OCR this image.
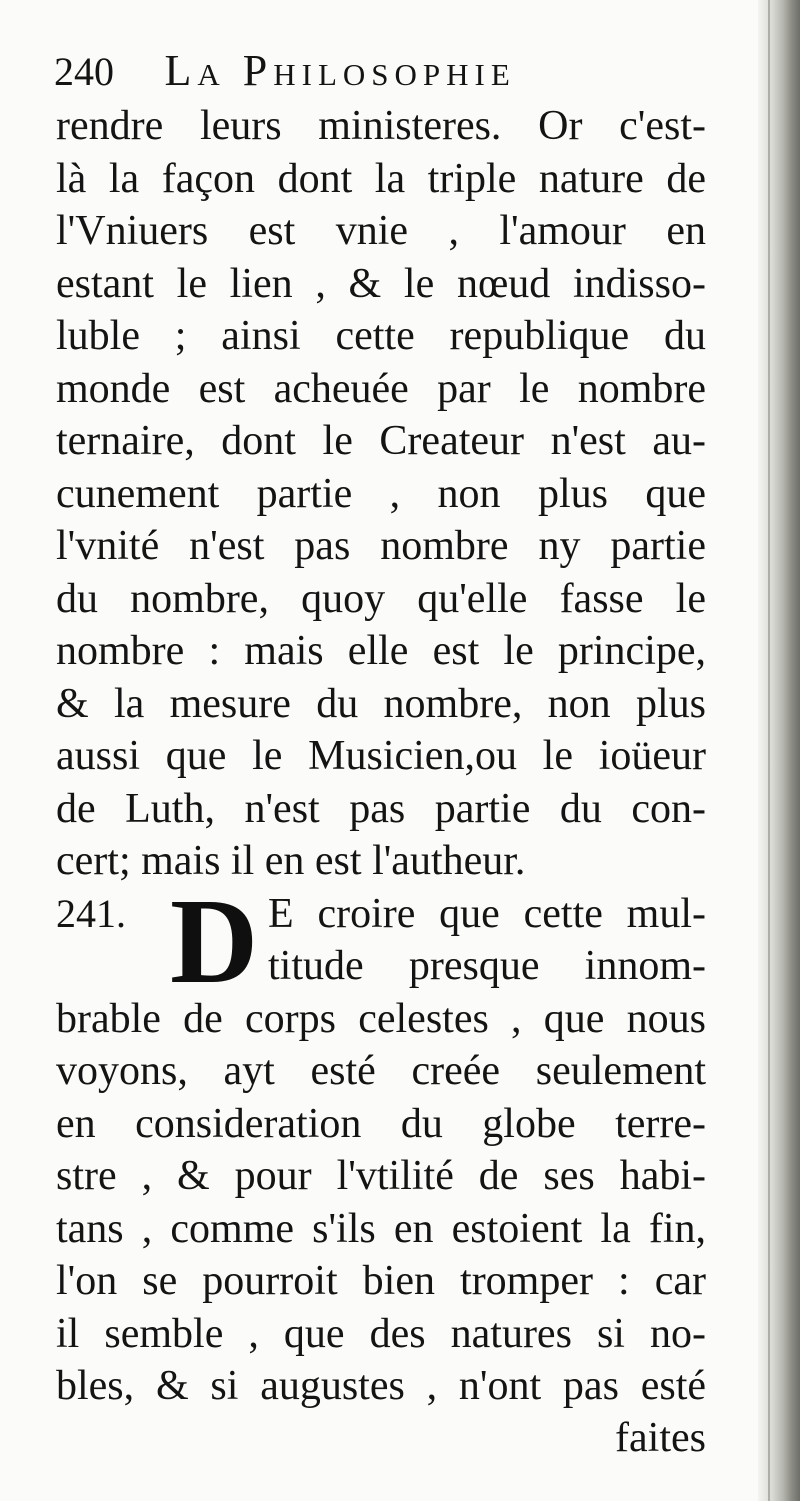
240 La Philosophie
rendre leurs ministeres. Or c'est-
là la façon dont la triple nature de
l'Vniuers est vnie , l'amour en
estant le lien , & le nœud indisso-
luble ; ainsi cette republique du
monde est acheuée par le nombre
ternaire, dont le Createur n'est au-
cunement partie , non plus que
l'vnité n'est pas nombre ny partie
du nombre, quoy qu'elle fasse le
nombre : mais elle est le principe,
& la mesure du nombre, non plus
aussi que le Musicien,ou le ioüeur
de Luth, n'est pas partie du con-
cert; mais il en est l'autheur.
241. D E croire que cette mul-
titude presque innom-
brable de corps celestes , que nous
voyons, ayt esté creée seulement
en consideration du globe terre-
stre , & pour l'vtilité de ses habi-
tans , comme s'ils en estoient la fin,
l'on se pourroit bien tromper : car
il semble , que des natures si no-
bles, & si augustes , n'ont pas esté
faites
